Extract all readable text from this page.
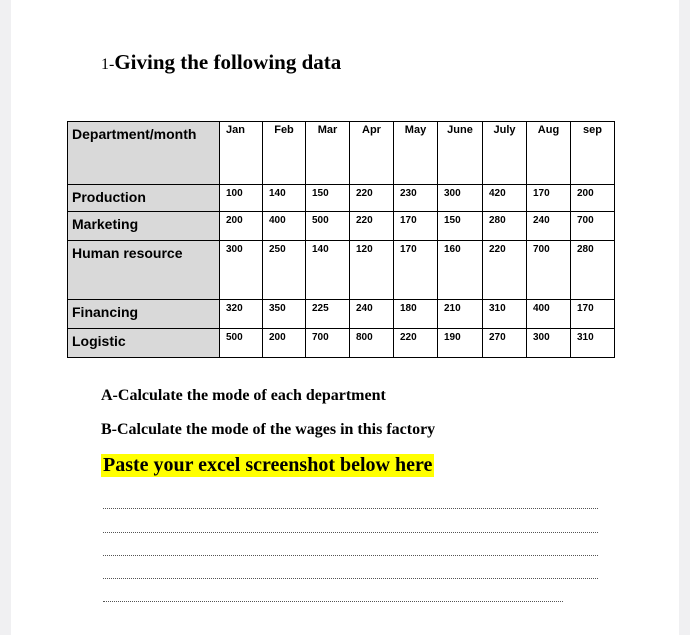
1-Giving the following data
Department/month	Jan	Feb	Mar	Apr	May	June	July	Aug	sep
Production	100	140	150	220	230	300	420	170	200
Marketing	200	400	500	220	170	150	280	240	700
Human resource	300	250	140	120	170	160	220	700	280
Financing	320	350	225	240	180	210	310	400	170
Logistic	500	200	700	800	220	190	270	300	310
A-Calculate the mode of each department
B-Calculate the mode of the wages in this factory
Paste your excel screenshot below here
